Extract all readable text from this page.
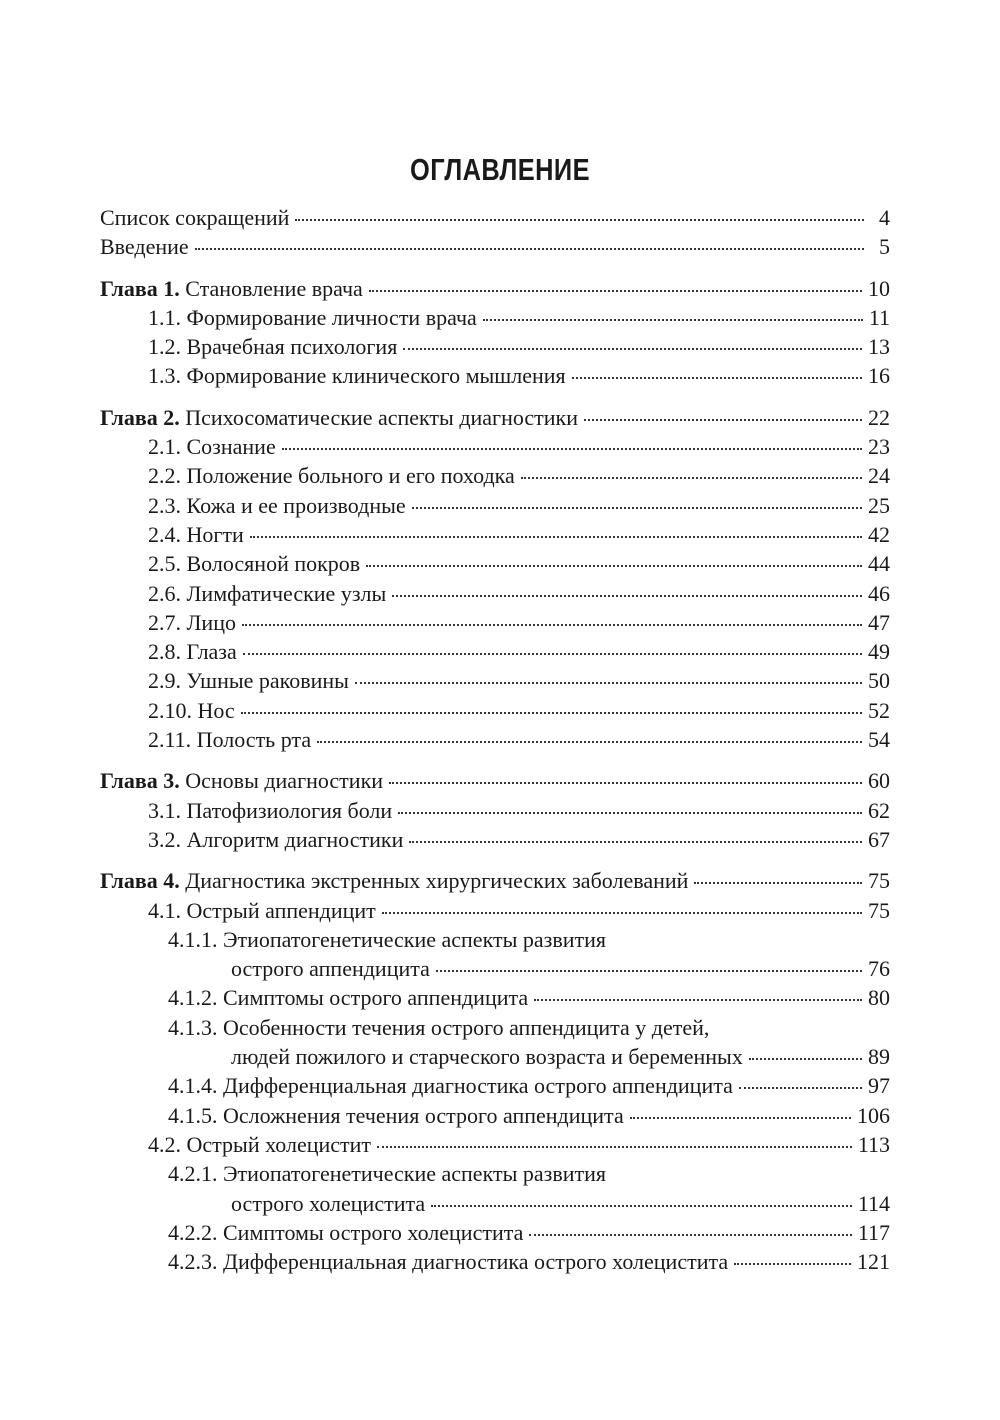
ОГЛАВЛЕНИЕ
Список сокращений	4
Введение	5
Глава 1. Становление врача	10
1.1. Формирование личности врача	11
1.2. Врачебная психология	13
1.3. Формирование клинического мышления	16
Глава 2. Психосоматические аспекты диагностики	22
2.1. Сознание	23
2.2. Положение больного и его походка	24
2.3. Кожа и ее производные	25
2.4. Ногти	42
2.5. Волосяной покров	44
2.6. Лимфатические узлы	46
2.7. Лицо	47
2.8. Глаза	49
2.9. Ушные раковины	50
2.10. Нос	52
2.11. Полость рта	54
Глава 3. Основы диагностики	60
3.1. Патофизиология боли	62
3.2. Алгоритм диагностики	67
Глава 4. Диагностика экстренных хирургических заболеваний	75
4.1. Острый аппендицит	75
4.1.1. Этиопатогенетические аспекты развития
острого аппендицита	76
4.1.2. Симптомы острого аппендицита	80
4.1.3. Особенности течения острого аппендицита у детей,
людей пожилого и старческого возраста и беременных	89
4.1.4. Дифференциальная диагностика острого аппендицита	97
4.1.5. Осложнения течения острого аппендицита	106
4.2. Острый холецистит	113
4.2.1. Этиопатогенетические аспекты развития
острого холецистита	114
4.2.2. Симптомы острого холецистита	117
4.2.3. Дифференциальная диагностика острого холецистита	121
